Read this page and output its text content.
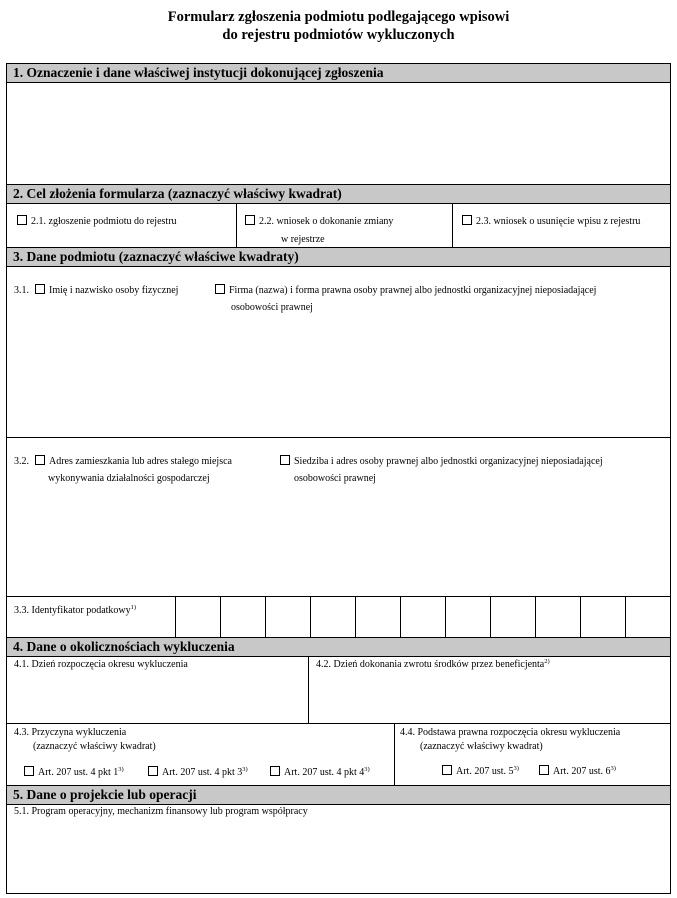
Formularz zgłoszenia podmiotu podlegającego wpisowi
do rejestru podmiotów wykluczonych
1. Oznaczenie i dane właściwej instytucji dokonującej zgłoszenia
2. Cel złożenia formularza (zaznaczyć właściwy kwadrat)
2.1. zgłoszenie podmiotu do rejestru	2.2. wniosek o dokonanie zmiany
w rejestrze
2.3. wniosek o usunięcie wpisu z rejestru
3. Dane podmiotu (zaznaczyć właściwe kwadraty)
3.1.	Imię i nazwisko osoby fizycznej	Firma (nazwa) i forma prawna osoby prawnej albo jednostki organizacyjnej nieposiadającej
osobowości prawnej
3.2.	Adres zamieszkania lub adres stałego miejsca
wykonywania działalności gospodarczej
Siedziba i adres osoby prawnej albo jednostki organizacyjnej nieposiadającej
osobowości prawnej
3.3. Identyfikator podatkowy$^{1)}$
4. Dane o okolicznościach wykluczenia
4.1. Dzień rozpoczęcia okresu wykluczenia	4.2. Dzień dokonania zwrotu środków przez beneficjenta$^{2)}$
4.3. Przyczyna wykluczenia
(zaznaczyć właściwy kwadrat)
Art. 207 ust. 4 pkt 1$^{3)}$	Art. 207 ust. 4 pkt 3$^{3)}$	Art. 207 ust. 4 pkt 4$^{3)}$
4.4. Podstawa prawna rozpoczęcia okresu wykluczenia
(zaznaczyć właściwy kwadrat)
Art. 207 ust. 5$^{3)}$	Art. 207 ust. 6$^{3)}$
5. Dane o projekcie lub operacji
5.1. Program operacyjny, mechanizm finansowy lub program współpracy
